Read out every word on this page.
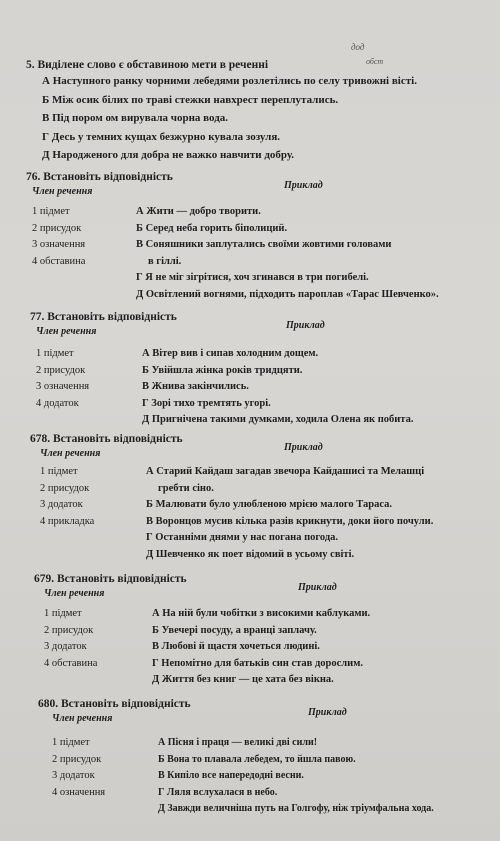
дод
обст
5. Виділене слово є обставиною мети в реченні
А Наступного ранку чорними лебедями розлетілись по селу тривожні вісті.
Б Між осик білих по траві стежки навхрест переплутались.
В Під пором ом вирувала чорна вода.
Г Десь у темних кущах безжурно кувала зозуля.
Д Народженого для добра не важко навчити добру.
76. Встановіть відповідність
Член речення
Приклад
1 підмет
2 присудок
3 означення
4 обставина
А Жити — добро творити.
Б Серед неба горить біполиций.
В Соняшники заплутались своїми жовтими головами
в гіллі.
Г Я не міг зігрітися, хоч згинався в три погибелі.
Д Освітлений вогнями, підходить пароплав «Тарас Шевченко».
77. Встановіть відповідність
Член речення
Приклад
1 підмет
2 присудок
3 означення
4 додаток
А Вітер вив і сипав холодним дощем.
Б Увійшла жінка років тридцяти.
В Жнива закінчились.
Г Зорі тихо тремтять угорі.
Д Пригнічена такими думками, ходила Олена як побита.
678. Встановіть відповідність
Член речення
Приклад
1 підмет
2 присудок
3 додаток
4 прикладка
А Старий Кайдаш загадав звечора Кайдашисі та Мелашці
гребти сіно.
Б Малювати було улюбленою мрією малого Тараса.
В Воронцов мусив кілька разів крикнути, доки його почули.
Г Останніми днями у нас погана погода.
Д Шевченко як поет відомий в усьому світі.
679. Встановіть відповідність
Член речення
Приклад
1 підмет
2 присудок
3 додаток
4 обставина
А На ній були чобітки з високими каблуками.
Б Увечері посуду, а вранці заплачу.
В Любові й щастя хочеться людині.
Г Непомітно для батьків син став дорослим.
Д Життя без книг — це хата без вікна.
680. Встановіть відповідність
Член речення
Приклад
1 підмет
2 присудок
3 додаток
4 означення
А Пісня і праця — великі дві сили!
Б Вона то плавала лебедем, то йшла павою.
В Кипіло все напередодні весни.
Г Ляля вслухалася в небо.
Д Завжди величніша путь на Голгофу, ніж тріумфальна хода.
